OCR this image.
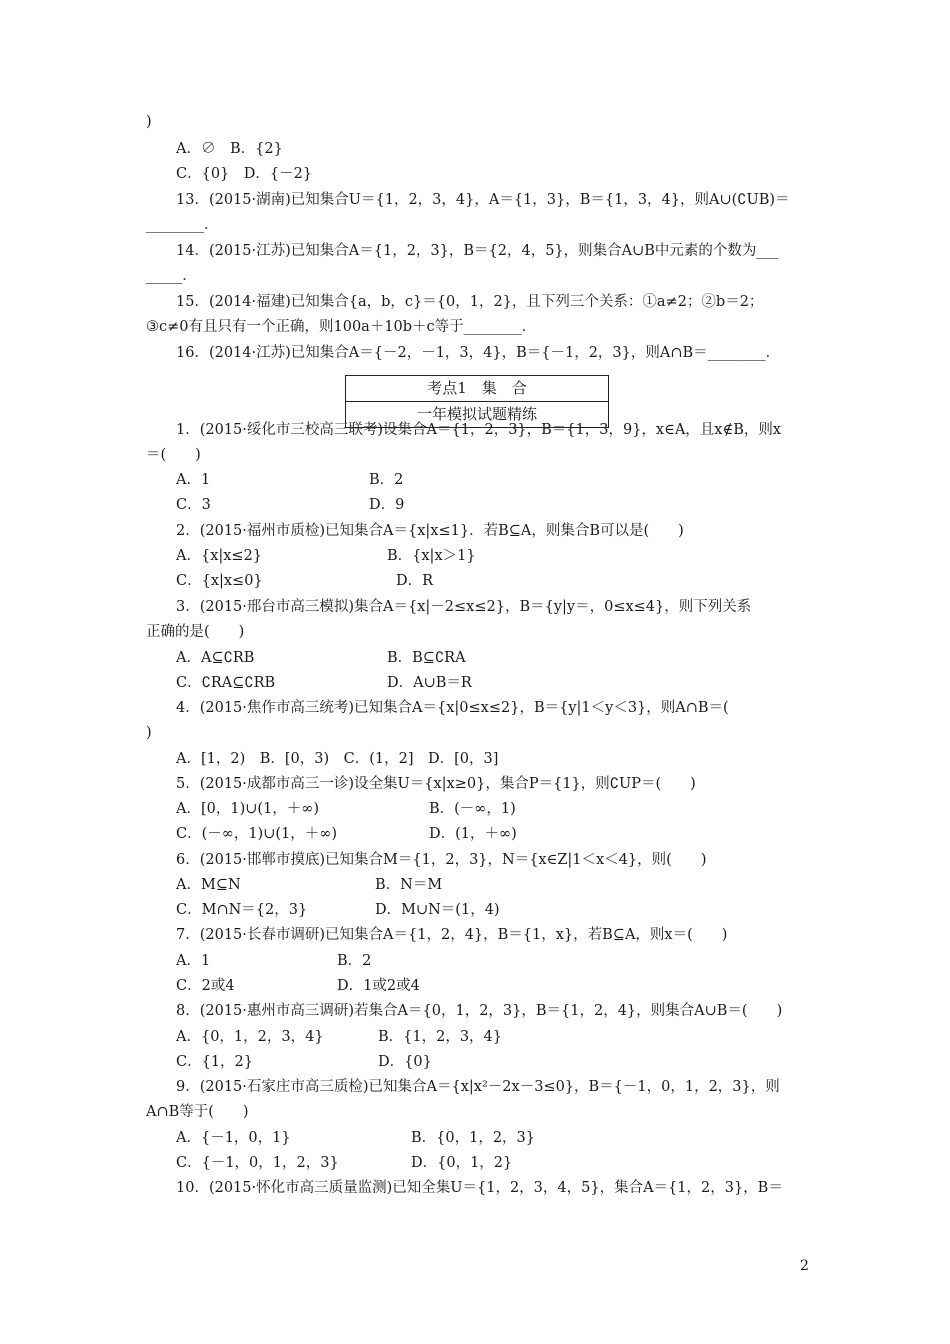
)
A．∅　B．{2}
C．{0}　D．{－2}
13．(2015·湖南)已知集合U＝{1，2，3，4}，A＝{1，3}，B＝{1，3，4}，则A∪(∁UB)＝
________．
14．(2015·江苏)已知集合A＝{1，2，3}，B＝{2，4，5}，则集合A∪B中元素的个数为___
_____．
15．(2014·福建)已知集合{a，b，c}＝{0，1，2}，且下列三个关系：①a≠2；②b＝2；
③c≠0有且只有一个正确，则100a＋10b＋c等于________．
16．(2014·江苏)已知集合A＝{－2，－1，3，4}，B＝{－1，2，3}，则A∩B＝________．
1．(2015·绥化市三校高三联考)设集合A＝{1，2，3}，B＝{1，3，9}，x∈A，且x∉B，则x
＝(　　)
A．1	B．2
C．3	D．9
2．(2015·福州市质检)已知集合A＝{x|x≤1}．若B⊆A，则集合B可以是(　　)
A．{x|x≤2}	B．{x|x＞1}
C．{x|x≤0}	D．R
3．(2015·邢台市高三模拟)集合A＝{x|－2≤x≤2}，B＝{y|y＝，0≤x≤4}，则下列关系
正确的是(　　)
A．A⊆∁RB	B．B⊆∁RA
C．∁RA⊆∁RB	D．A∪B＝R
4．(2015·焦作市高三统考)已知集合A＝{x|0≤x≤2}，B＝{y|1＜y＜3}，则A∩B＝(
)
A．[1，2)　B．[0，3)　C．(1，2]　D．[0，3]
5．(2015·成都市高三一诊)设全集U＝{x|x≥0}，集合P＝{1}，则∁UP＝(　　)
A．[0，1)∪(1，＋∞)	B．(－∞，1)
C．(－∞，1)∪(1，＋∞)	D．(1，＋∞)
6．(2015·邯郸市摸底)已知集合M＝{1，2，3}，N＝{x∈Z|1＜x＜4}，则(　　)
A．M⊆N	B．N＝M
C．M∩N＝{2，3}	D．M∪N＝(1，4)
7．(2015·长春市调研)已知集合A＝{1，2，4}，B＝{1，x}，若B⊆A，则x＝(　　)
A．1	B．2
C．2或4	D．1或2或4
8．(2015·惠州市高三调研)若集合A＝{0，1，2，3}，B＝{1，2，4}，则集合A∪B＝(　　)
A．{0，1，2，3，4}	B．{1，2，3，4}
C．{1，2}	D．{0}
9．(2015·石家庄市高三质检)已知集合A＝{x|x²－2x－3≤0}，B＝{－1，0，1，2，3}，则
A∩B等于(　　)
A．{－1，0，1}	B．{0，1，2，3}
C．{－1，0，1，2，3}	D．{0，1，2}
10．(2015·怀化市高三质量监测)已知全集U＝{1，2，3，4，5}，集合A＝{1，2，3}，B＝
考点1　集　合
一年模拟试题精练
2
